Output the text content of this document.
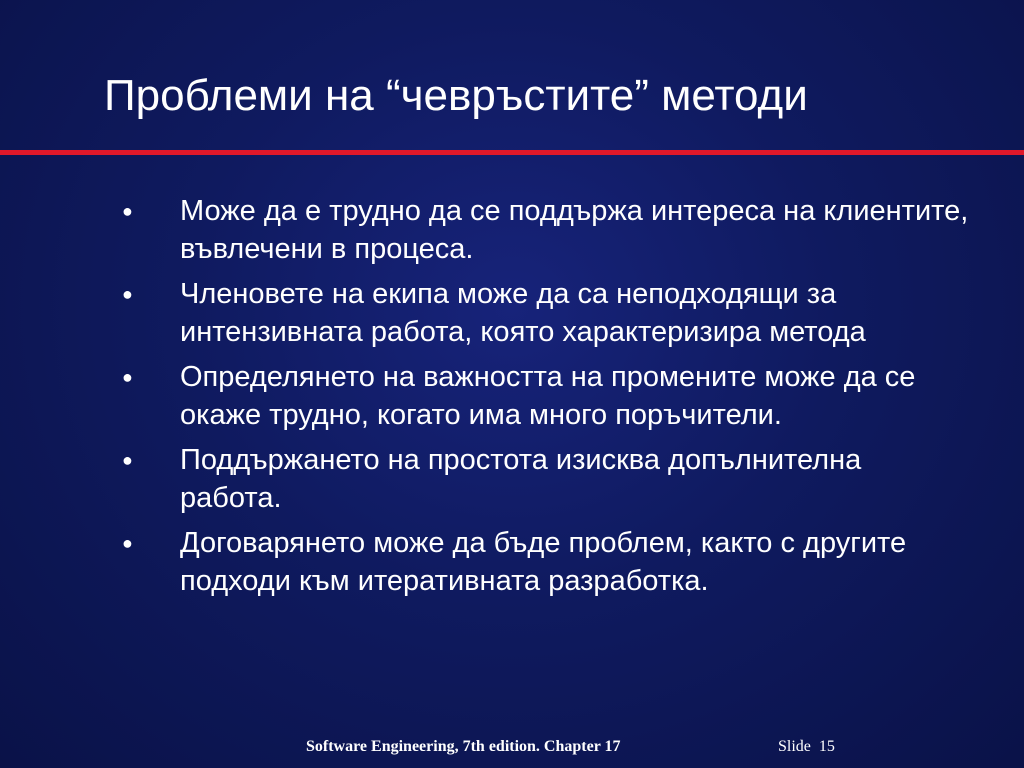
Проблеми на “чевръстите” методи
●	Може да е трудно да се поддържа интереса на клиентите, въвлечени в процеса.
●	Членовете на екипа може да са неподходящи за интензивната работа, която характеризира метода
●	Определянето на важността на промените може да се окаже трудно, когато има много поръчители.
●	Поддържането на простота изисква допълнителна работа.
●	Договарянето може да бъде проблем, както с другите подходи към итеративната разработка.
Software Engineering, 7th edition. Chapter 17	Slide 15
